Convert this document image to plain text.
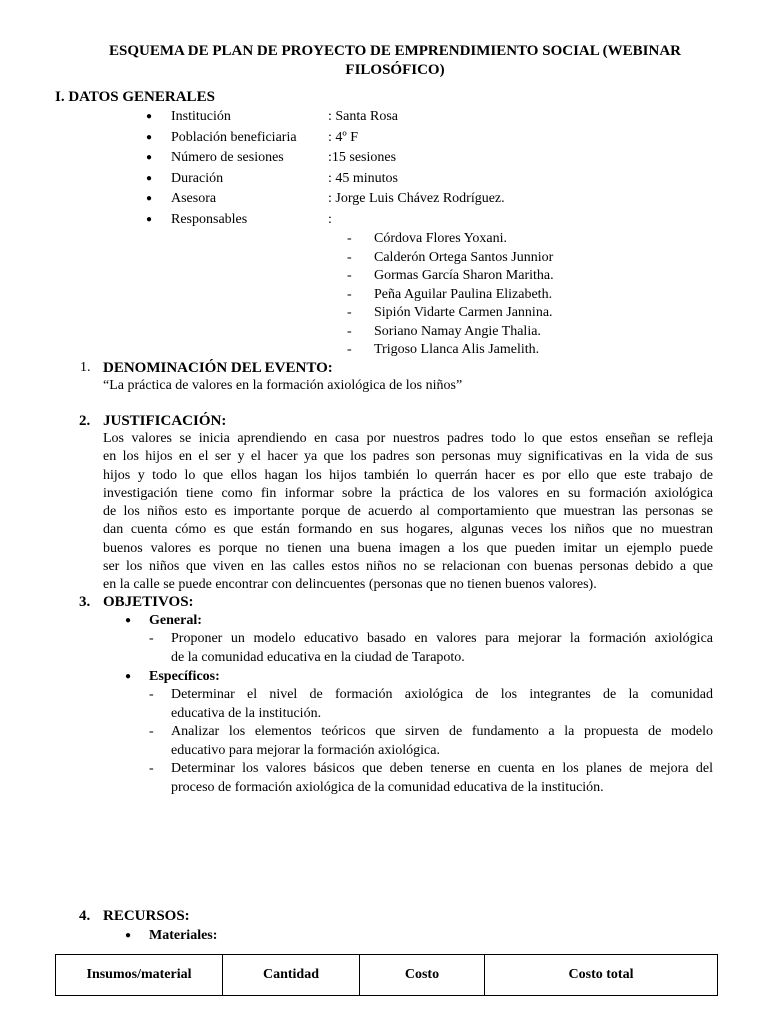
ESQUEMA DE PLAN DE PROYECTO DE EMPRENDIMIENTO SOCIAL (WEBINAR
FILOSÓFICO)
I. DATOS GENERALES
● Institución	: Santa Rosa
● Población beneficiaria : 4º F
● Número de sesiones	:15 sesiones
● Duración	: 45 minutos
● Asesora	: Jorge Luis Chávez Rodríguez.
● Responsables	:
- Córdova Flores Yoxani.
- Calderón Ortega Santos Junnior
- Gormas García Sharon Maritha.
- Peña Aguilar Paulina Elizabeth.
- Sipión Vidarte Carmen Jannina.
- Soriano Namay Angie Thalia.
- Trigoso Llanca Alis Jamelith.
1. DENOMINACIÓN DEL EVENTO:
“La práctica de valores en la formación axiológica de los niños”
2. JUSTIFICACIÓN:
Los valores se inicia aprendiendo en casa por nuestros padres todo lo que estos enseñan se refleja
en los hijos en el ser y el hacer ya que los padres son personas muy significativas en la vida de sus
hijos y todo lo que ellos hagan los hijos también lo querrán hacer es por ello que este trabajo de
investigación tiene como fin informar sobre la práctica de los valores en su formación axiológica
de los niños esto es importante porque de acuerdo al comportamiento que muestran las personas se
dan cuenta cómo es que están formando en sus hogares, algunas veces los niños que no muestran
buenos valores es porque no tienen una buena imagen a los que pueden imitar un ejemplo puede
ser los niños que viven en las calles estos niños no se relacionan con buenas personas debido a que
en la calle se puede encontrar con delincuentes (personas que no tienen buenos valores).
3. OBJETIVOS:
● General:
- Proponer un modelo educativo basado en valores para mejorar la formación axiológica
de la comunidad educativa en la ciudad de Tarapoto.
● Específicos:
- Determinar el nivel de formación axiológica de los integrantes de la comunidad
educativa de la institución.
- Analizar los elementos teóricos que sirven de fundamento a la propuesta de modelo
educativo para mejorar la formación axiológica.
- Determinar los valores básicos que deben tenerse en cuenta en los planes de mejora del
proceso de formación axiológica de la comunidad educativa de la institución.
4. RECURSOS:
● Materiales:
Insumos/material	Cantidad	Costo	Costo total
